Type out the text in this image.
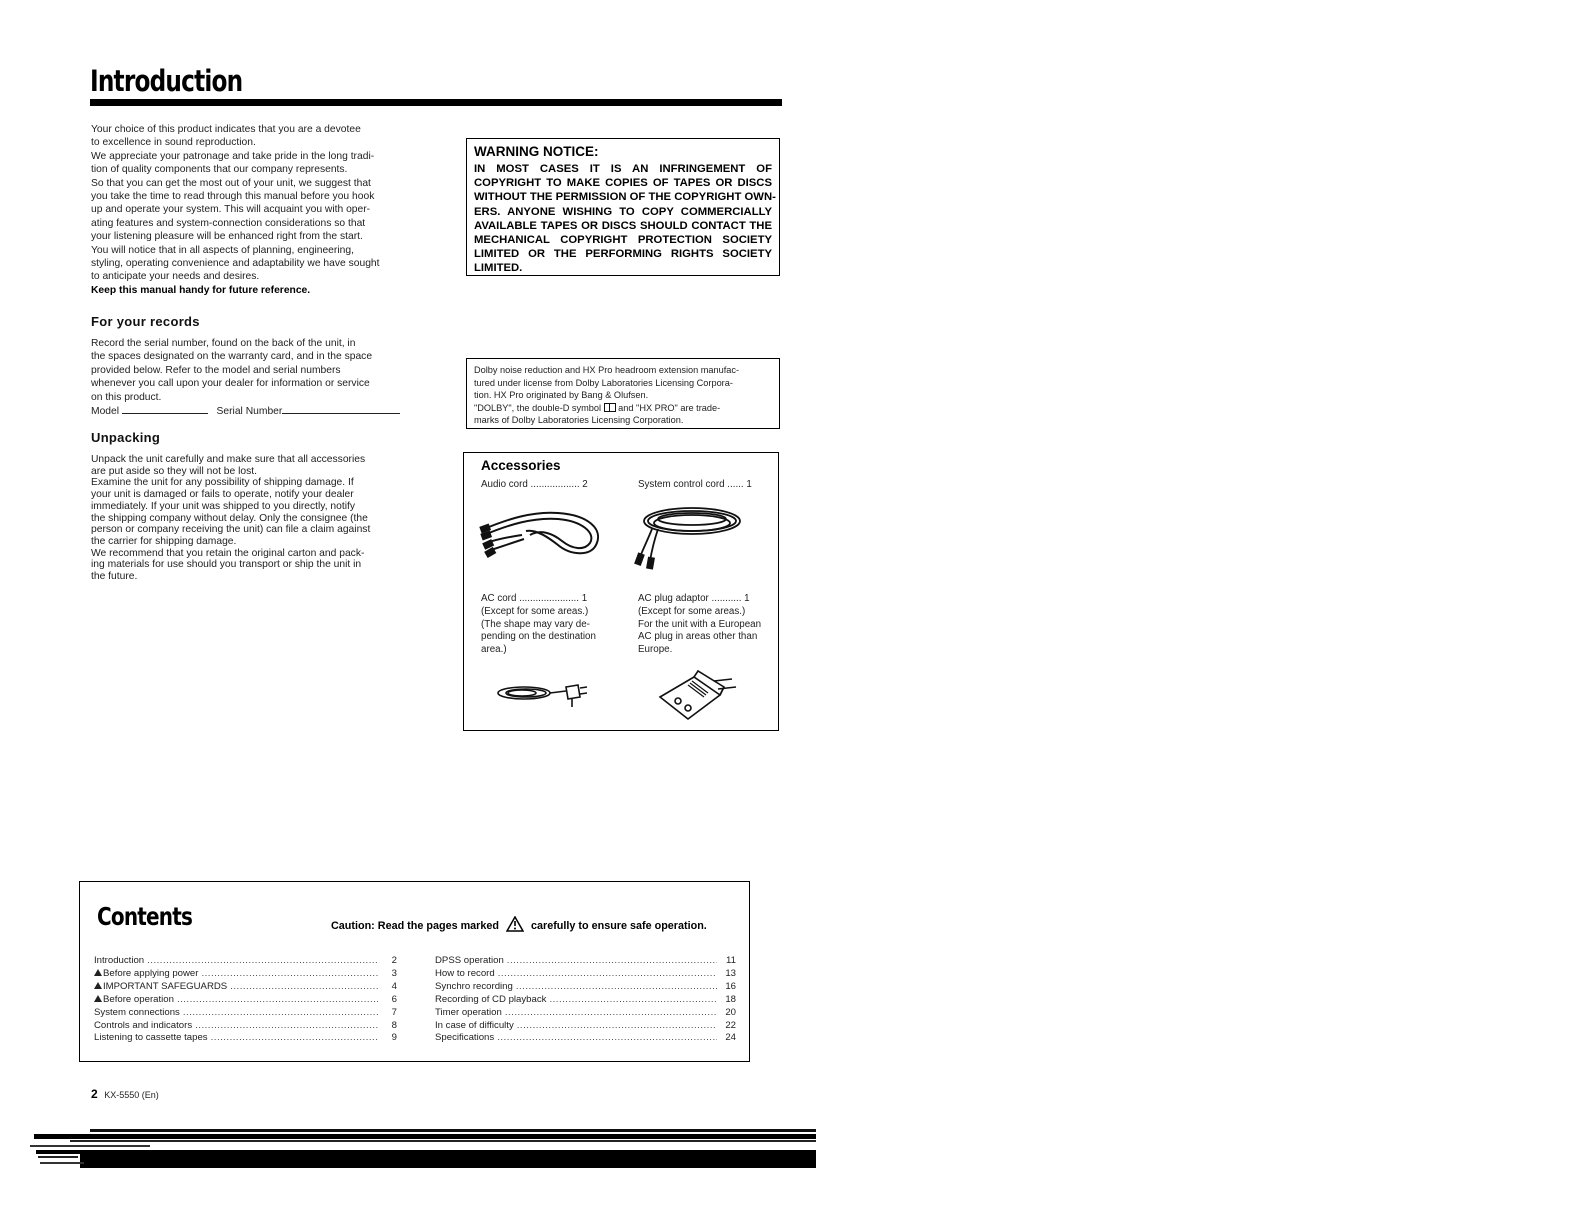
Introduction

Your choice of this product indicates that you are a devotee

to excellence in sound reproduction.

We appreciate your patronage and take pride in the long tradi-

tion of quality components that our company represents.

So that you can get the most out of your unit, we suggest that

you take the time to read through this manual before you hook

up and operate your system. This will acquaint you with oper-

ating features and system-connection considerations so that

your listening pleasure will be enhanced right from the start.

You will notice that in all aspects of planning, engineering,

styling, operating convenience and adaptability we have sought

to anticipate your needs and desires.

Keep this manual handy for future reference.

For your records

Record the serial number, found on the back of the unit, in

the spaces designated on the warranty card, and in the space

provided below. Refer to the model and serial numbers

whenever you call upon your dealer for information or service

on this product.

Model	Serial Number

Unpacking

Unpack the unit carefully and make sure that all accessories

are put aside so they will not be lost.

Examine the unit for any possibility of shipping damage. If

your unit is damaged or fails to operate, notify your dealer

immediately. If your unit was shipped to you directly, notify

the shipping company without delay. Only the consignee (the

person or company receiving the unit) can file a claim against

the carrier for shipping damage.

We recommend that you retain the original carton and pack-

ing materials for use should you transport or ship the unit in

the future.

WARNING NOTICE:
IN MOST CASES IT IS AN INFRINGEMENT OF
COPYRIGHT TO MAKE COPIES OF TAPES OR DISCS
WITHOUT THE PERMISSION OF THE COPYRIGHT OWN-
ERS. ANYONE WISHING TO COPY COMMERCIALLY
AVAILABLE TAPES OR DISCS SHOULD CONTACT THE
MECHANICAL COPYRIGHT PROTECTION SOCIETY
LIMITED OR THE PERFORMING RIGHTS SOCIETY
LIMITED.
Dolby noise reduction and HX Pro headroom extension manufac-
tured under license from Dolby Laboratories Licensing Corpora-
tion. HX Pro originated by Bang & Olufsen.
"DOLBY", the double-D symbol and "HX PRO" are trade-
marks of Dolby Laboratories Licensing Corporation.
Accessories
Audio cord .................. 2	System control cord ...... 1
AC cord ...................... 1
(Except for some areas.)
(The shape may vary de-
pending on the destination
area.)
AC plug adaptor ........... 1
(Except for some areas.)
For the unit with a European
AC plug in areas other than
Europe.
Contents	Caution: Read the pages marked	carefully to ensure safe operation.
Introduction .....	2
Before applying power .....	3
IMPORTANT SAFEGUARDS .....	4
Before operation .....	6
System connections .....	7
Controls and indicators .....	8
Listening to cassette tapes .....	9
DPSS operation .....	11
How to record .....	13
Synchro recording .....	16
Recording of CD playback .....	18
Timer operation .....	20
In case of difficulty .....	22
Specifications .....	24
2 KX-5550 (En)
